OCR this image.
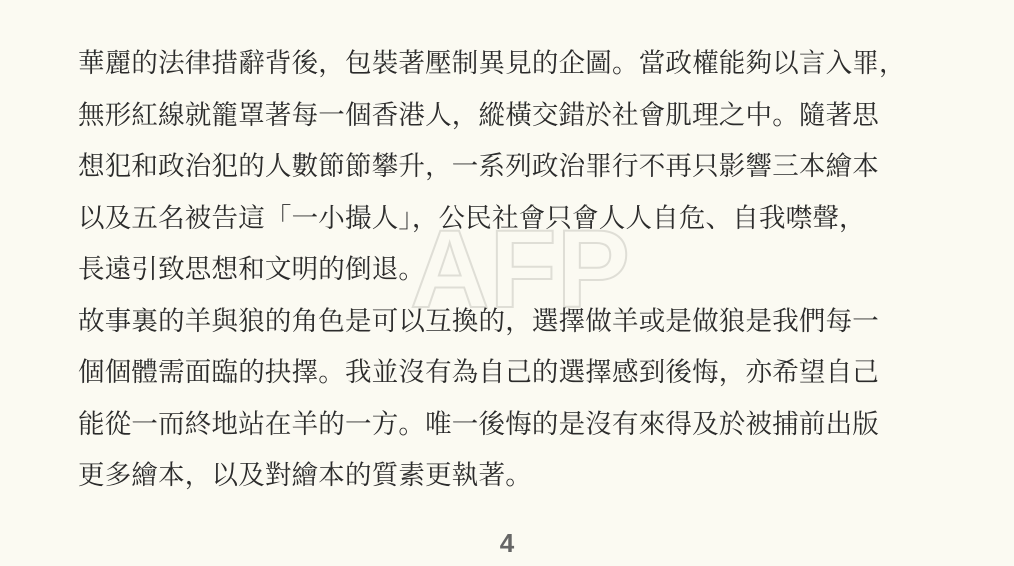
AFP
華麗的法律措辭背後，包裝著壓制異見的企圖。當政權能夠以言入罪，
無形紅線就籠罩著每一個香港人，縱橫交錯於社會肌理之中。隨著思
想犯和政治犯的人數節節攀升，一系列政治罪行不再只影響三本繪本
以及五名被告這「一小撮人」，公民社會只會人人自危、自我噤聲，
長遠引致思想和文明的倒退。
故事裏的羊與狼的角色是可以互換的，選擇做羊或是做狼是我們每一
個個體需面臨的抉擇。我並沒有為自己的選擇感到後悔，亦希望自己
能從一而終地站在羊的一方。唯一後悔的是沒有來得及於被捕前出版
更多繪本，以及對繪本的質素更執著。
4
